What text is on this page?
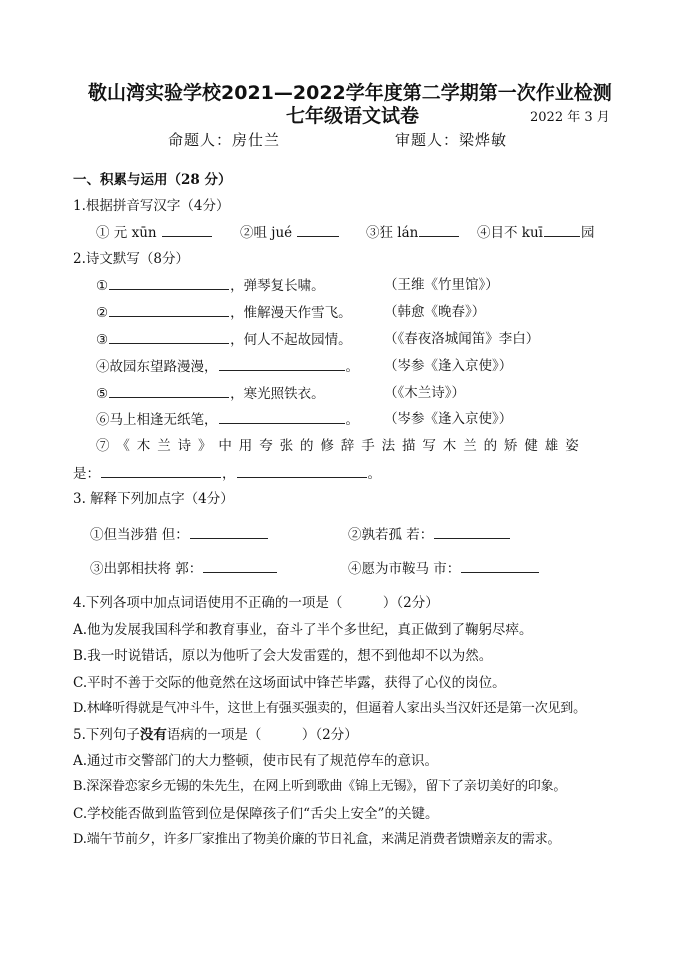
敬山湾实验学校2021—2022学年度第二学期第一次作业检测
七年级语文试卷	2022 年 3 月
命题人：房仕兰	审题人：梁烨敏
一、积累与运用（28 分）
1.根据拼音写汉字（4分）
① 元 xūn	②咀 jué	③狂 lán	④目不 kuī	园
2.诗文默写（8分）
①	，弹琴复长啸。	（王维《竹里馆》）
②	，惟解漫天作雪飞。 （韩愈《晚春》）
③	，何人不起故园情。 （《春夜洛城闻笛》李白）
④故园东望路漫漫，	。 （岑参《逢入京使》）
⑤	，寒光照铁衣。	（《木兰诗》）
⑥马上相逢无纸笔，	。 （岑参《逢入京使》）
⑦《木兰诗》中用夸张的修辞手法描写木兰的矫健雄姿
是：	，	。
3. 解释下列加点字（4分）
①但当涉猎 但：	②孰若孤 若：
③出郭相扶将 郭：	④愿为市鞍马 市：
4.下列各项中加点词语使用不正确的一项是（　　　）（2分）
A.他为发展我国科学和教育事业，奋斗了半个多世纪，真正做到了鞠躬尽瘁。
B.我一时说错话，原以为他听了会大发雷霆的，想不到他却不以为然。
C.平时不善于交际的他竟然在这场面试中锋芒毕露，获得了心仪的岗位。
D.林峰听得就是气冲斗牛，这世上有强买强卖的，但逼着人家出头当汉奸还是第一次见到。
5.下列句子没有语病的一项是（　　　）（2分）
A.通过市交警部门的大力整顿，使市民有了规范停车的意识。
B.深深眷恋家乡无锡的朱先生，在网上听到歌曲《锦上无锡》，留下了亲切美好的印象。
C.学校能否做到监管到位是保障孩子们“舌尖上安全”的关键。
D.端午节前夕，许多厂家推出了物美价廉的节日礼盒，来满足消费者馈赠亲友的需求。
